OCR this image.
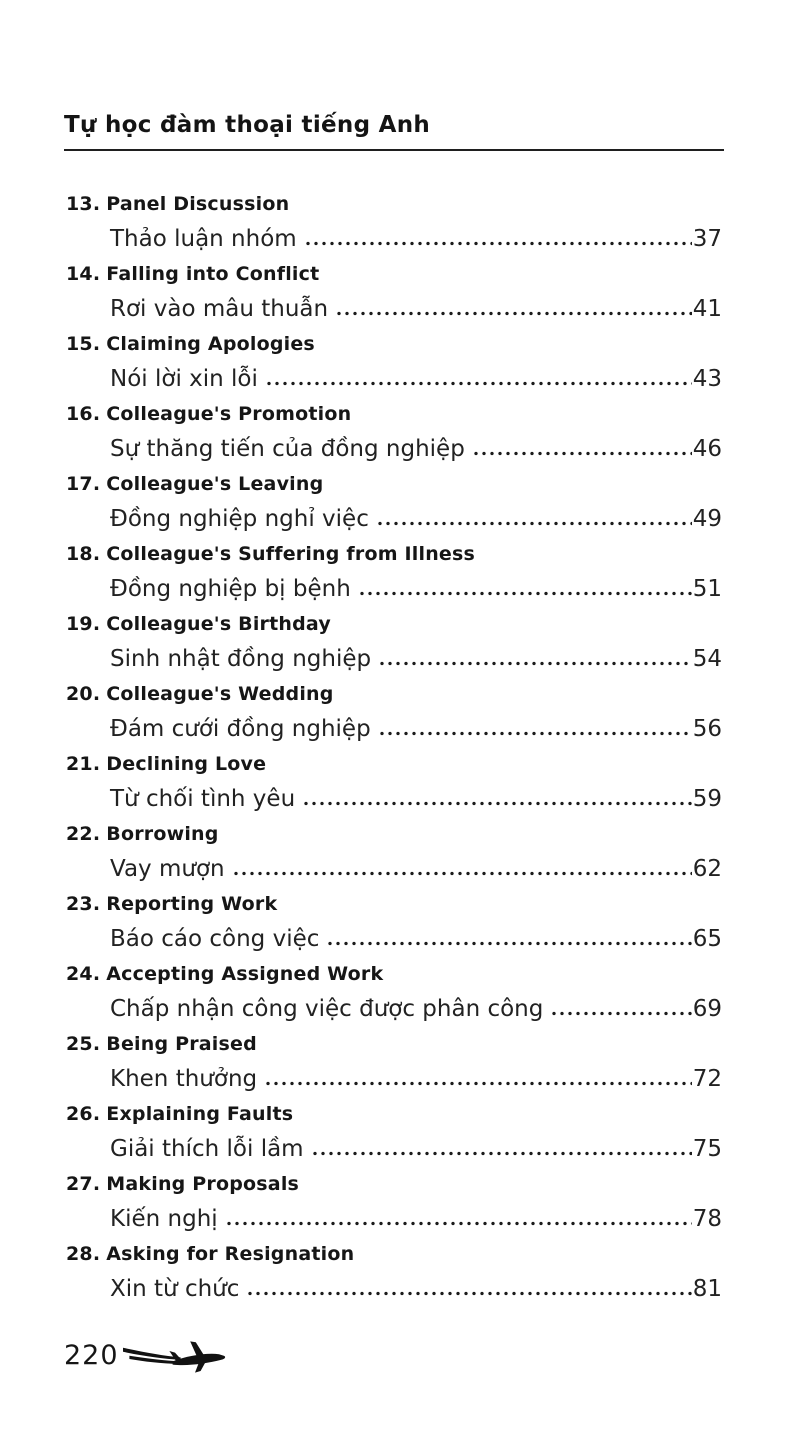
Tự học đàm thoại tiếng Anh
13. Panel Discussion
Thảo luận nhóm	37
14. Falling into Conflict
Rơi vào mâu thuẫn	41
15. Claiming Apologies
Nói lời xin lỗi	43
16. Colleague's Promotion
Sự thăng tiến của đồng nghiệp	46
17. Colleague's Leaving
Đồng nghiệp nghỉ việc	49
18. Colleague's Suffering from Illness
Đồng nghiệp bị bệnh	51
19. Colleague's Birthday
Sinh nhật đồng nghiệp	54
20. Colleague's Wedding
Đám cưới đồng nghiệp	56
21. Declining Love
Từ chối tình yêu	59
22. Borrowing
Vay mượn	62
23. Reporting Work
Báo cáo công việc	65
24. Accepting Assigned Work
Chấp nhận công việc được phân công	69
25. Being Praised
Khen thưởng	72
26. Explaining Faults
Giải thích lỗi lầm	75
27. Making Proposals
Kiến nghị	78
28. Asking for Resignation
Xin từ chức	81
220
